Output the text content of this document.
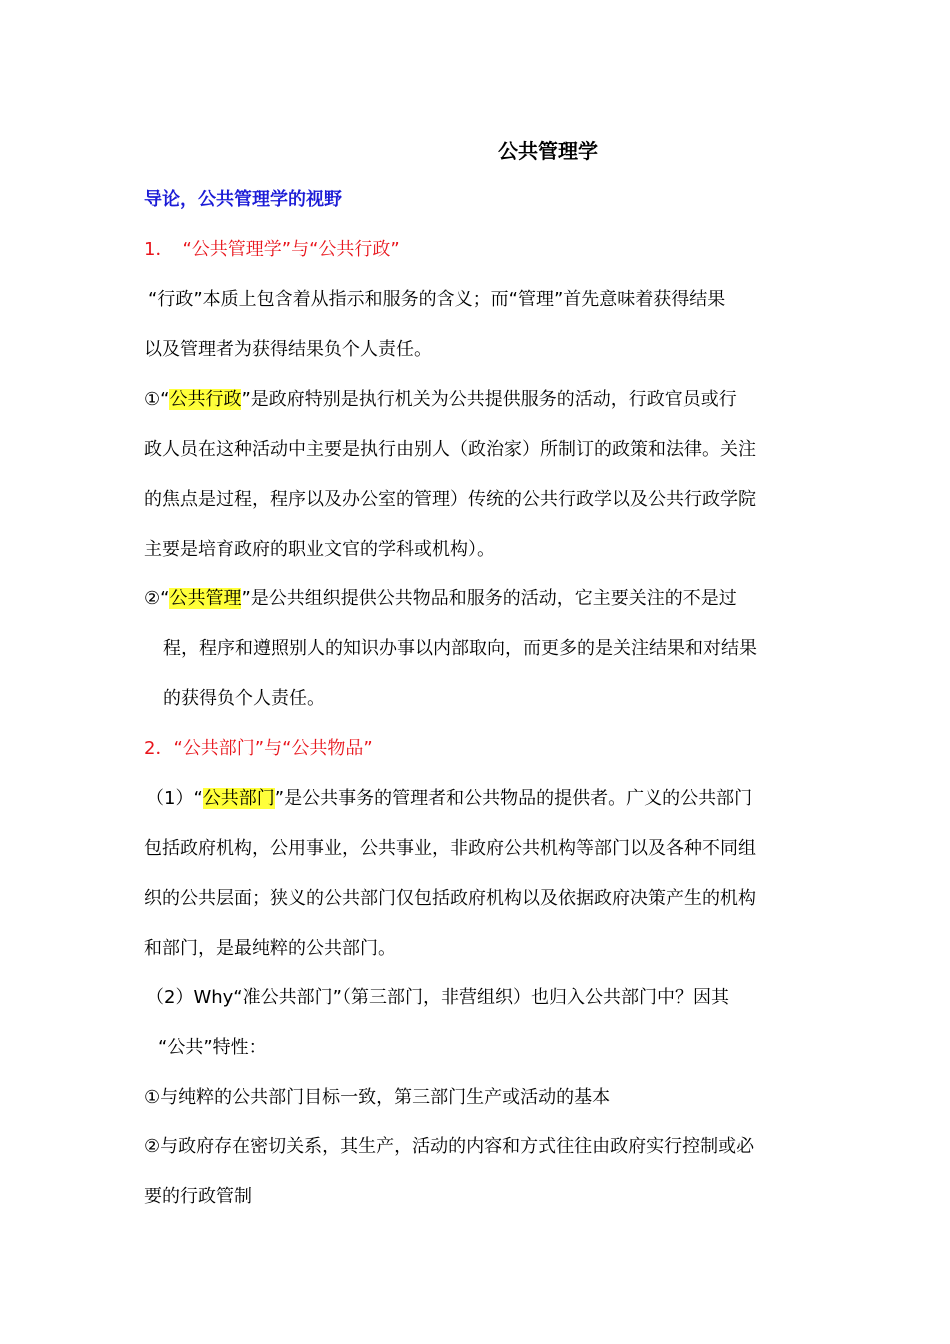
公共管理学
导论，公共管理学的视野
1．　“公共管理学”与“公共行政”
“行政”本质上包含着从指示和服务的含义；而“管理”首先意味着获得结果
以及管理者为获得结果负个人责任。
①“公共行政”是政府特别是执行机关为公共提供服务的活动，行政官员或行
政人员在这种活动中主要是执行由别人（政治家）所制订的政策和法律。关注
的焦点是过程，程序以及办公室的管理）传统的公共行政学以及公共行政学院
主要是培育政府的职业文官的学科或机构）。
②“公共管理”是公共组织提供公共物品和服务的活动，它主要关注的不是过
程，程序和遵照别人的知识办事以内部取向，而更多的是关注结果和对结果
的获得负个人责任。
2．“公共部门”与“公共物品”
（1）“公共部门”是公共事务的管理者和公共物品的提供者。广义的公共部门
包括政府机构，公用事业，公共事业，非政府公共机构等部门以及各种不同组
织的公共层面；狭义的公共部门仅包括政府机构以及依据政府决策产生的机构
和部门，是最纯粹的公共部门。
（2）Why“准公共部门”（第三部门，非营组织）也归入公共部门中？因其
“公共”特性：
①与纯粹的公共部门目标一致，第三部门生产或活动的基本
②与政府存在密切关系，其生产，活动的内容和方式往往由政府实行控制或必
要的行政管制
